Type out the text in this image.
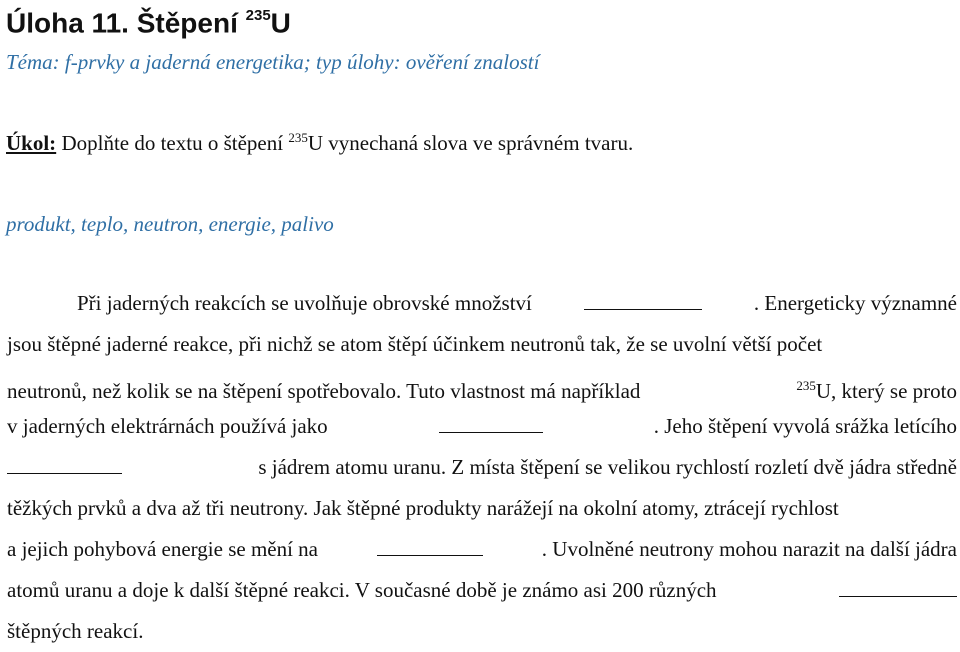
Úloha 11. Štěpení $^{235}$U
Téma: f-prvky a jaderná energetika; typ úlohy: ověření znalostí
Úkol: Doplňte do textu o štěpení $^{235}$U vynechaná slova ve správném tvaru.
produkt, teplo, neutron, energie, palivo
Při jaderných reakcích se uvolňuje obrovské množství	. Energeticky významné
jsou štěpné jaderné reakce, při nichž se atom štěpí účinkem neutronů tak, že se uvolní větší počet
neutronů, než kolik se na štěpení spotřebovalo. Tuto vlastnost má například	$^{235}$U, který se proto
v jaderných elektrárnách používá jako	. Jeho štěpení vyvolá srážka letícího
s jádrem atomu uranu. Z místa štěpení se velikou rychlostí rozletí dvě jádra středně
těžkých prvků a dva až tři neutrony. Jak štěpné produkty narážejí na okolní atomy, ztrácejí rychlost
a jejich pohybová energie se mění na	. Uvolněné neutrony mohou narazit na další jádra
atomů uranu a doje k další štěpné reakci. V současné době je známo asi 200 různých
štěpných reakcí.
